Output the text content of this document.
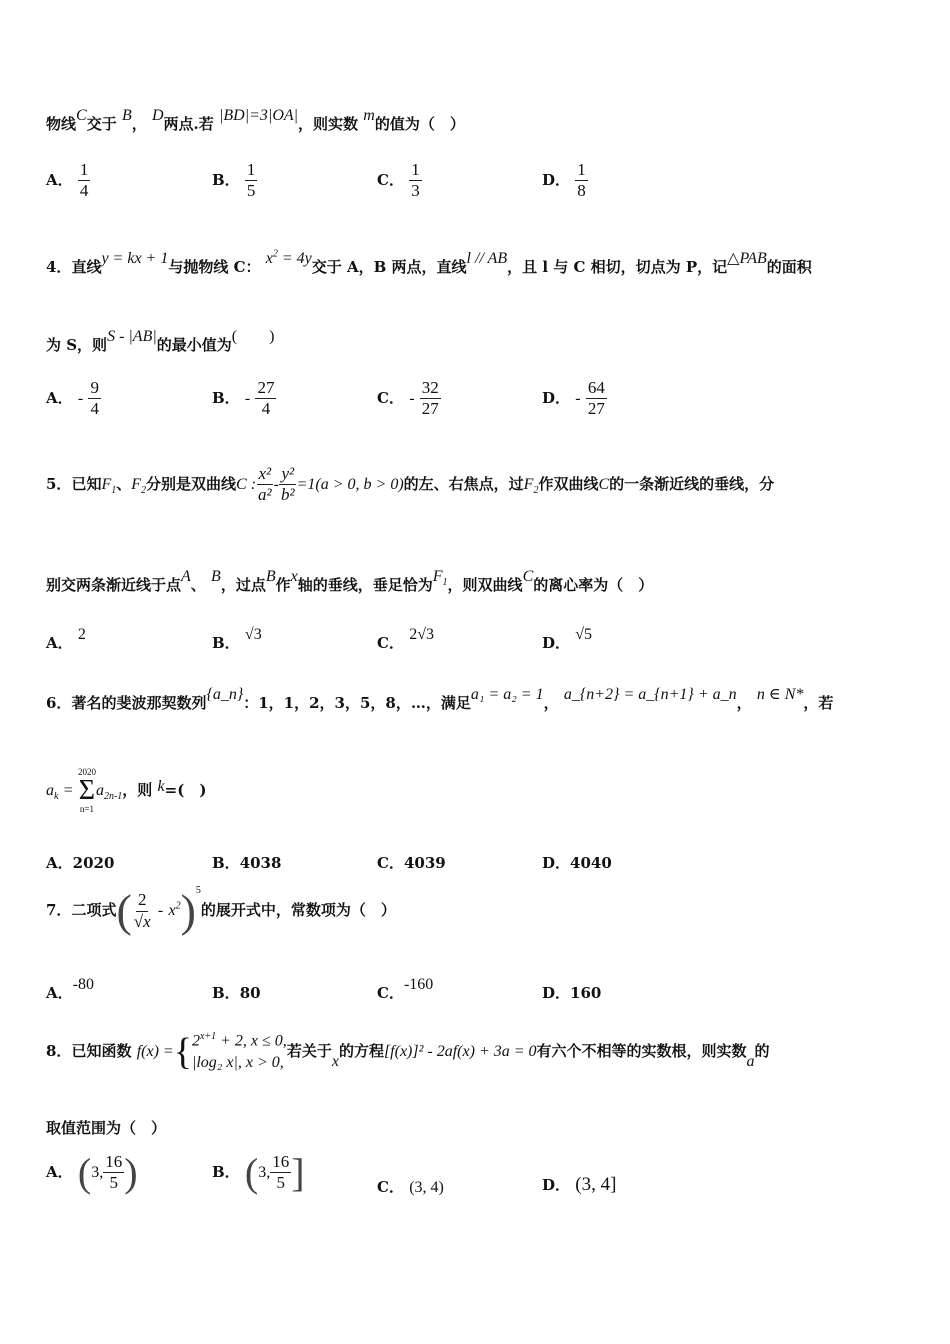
物线C交于 B， D两点.若 |BD|=3|OA|，则实数 m的值为（　）
A． $\frac{1}{4}$	B． $\frac{1}{5}$	C． $\frac{1}{3}$	D． $\frac{1}{8}$
4．直线y = kx + 1与抛物线 C： $x^2 = 4y$交于 A，B 两点，直线l // AB，且 l 与 C 相切，切点为 P，记△PAB的面积
为 S，则S - |AB|的最小值为(　　)
A． - $\frac{9}{4}$	B． - $\frac{27}{4}$	C． - $\frac{32}{27}$	D． - $\frac{64}{27}$
5．已知$F_1$、$F_2$分别是双曲线C : $\frac{\text{x²}}{\text{a²}} - \frac{\text{y²}}{\text{b²}} =1(a > 0$, b > 0)的左、右焦点，过$F_2$作双曲线C的一条渐近线的垂线，分
别交两条渐近线于点A、 B，过点B作x轴的垂线，垂足恰为$F_1$，则双曲线C的离心率为（　）
A． 2	B． √3	C． 2√3	D． √5
6．著名的斐波那契数列{a_n}：1，1，2，3，5，8，…，满足a₁ = a₂ = 1， a_{n+2} = a_{n+1} + a_n， n ∈ N*，若
$a_k$ =
2020
Σ
n=1
$a_{2n-1}$，则 k=(　)
A．2020	B．4038	C．4039	D．4040
7．二项式( $\frac{2}{√x} - x^2)^5$的展开式中，常数项为（　）
A．-80	B．80	C．-160	D．160
8．已知函数 f(x) ={ $2^{x+1} + 2$, x ≤ 0,
|log₂ x|, x > 0,
若关于x的方程[f(x)]² - 2af(x) + 3a = 0有六个不相等的实数根，则实数a的
取值范围为（　）
A． (3, $\frac{16}{5}$ )	B． (3, $\frac{16}{5}$ ]	C． (3, 4)	D． (3, 4]
